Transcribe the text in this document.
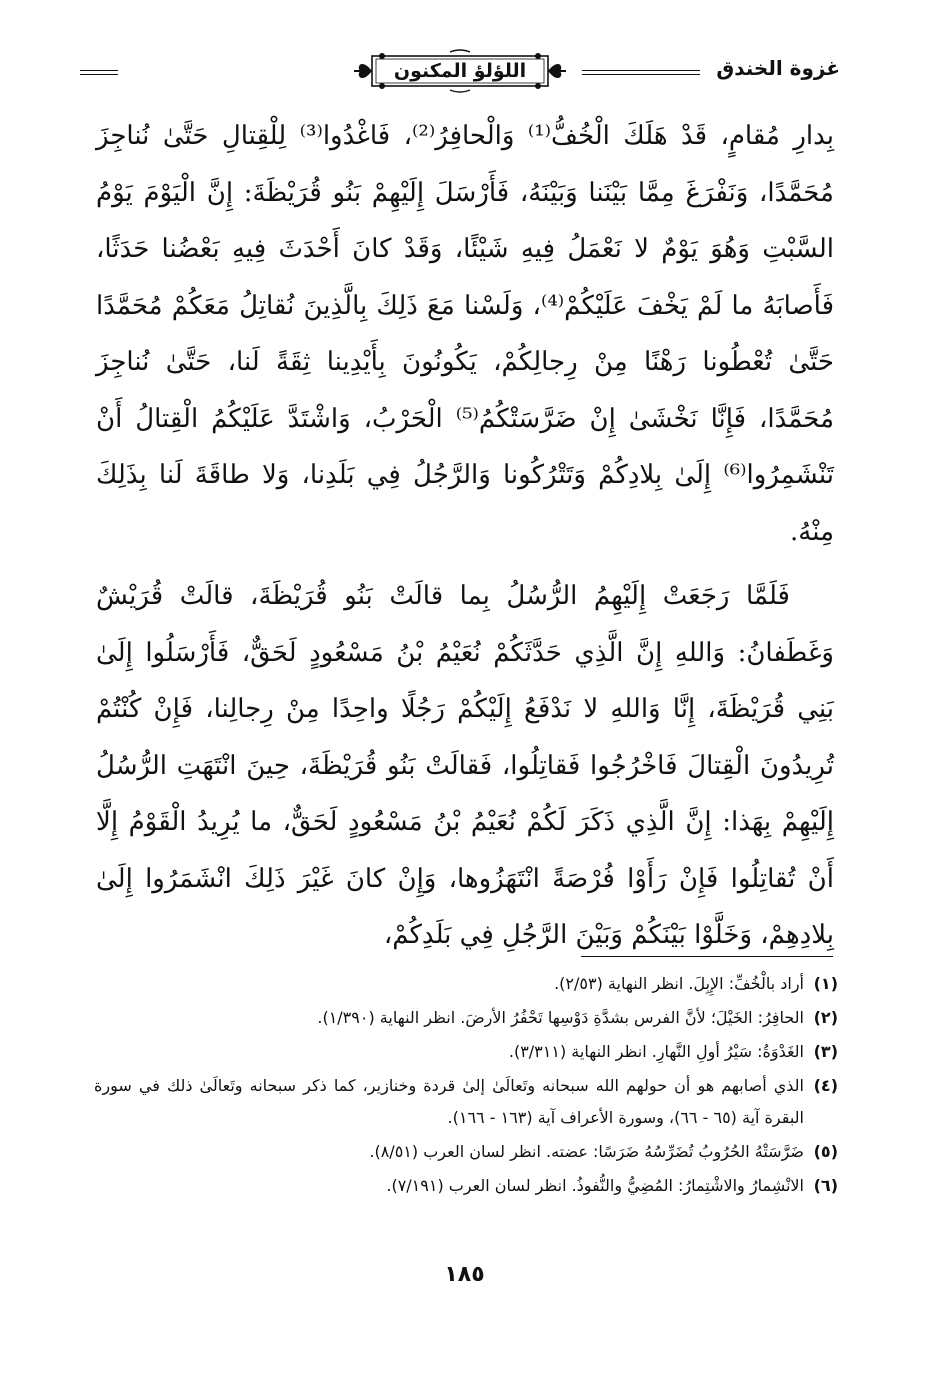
غزوة الخندق
اللؤلؤ المكنون

بِدارِ مُقامٍ، قَدْ هَلَكَ الْخُفُّ⁽¹⁾ وَالْحافِرُ⁽²⁾، فَاغْدُوا⁽³⁾ لِلْقِتالِ حَتَّىٰ نُناجِزَ مُحَمَّدًا، وَنَفْرَغَ مِمَّا بَيْنَنا وَبَيْنَهُ، فَأَرْسَلَ إِلَيْهِمْ بَنُو قُرَيْظَةَ: إِنَّ الْيَوْمَ يَوْمُ السَّبْتِ وَهُوَ يَوْمٌ لا نَعْمَلُ فِيهِ شَيْئًا، وَقَدْ كانَ أَحْدَثَ فِيهِ بَعْضُنا حَدَثًا، فَأَصابَهُ ما لَمْ يَخْفَ عَلَيْكُمْ⁽⁴⁾، وَلَسْنا مَعَ ذَلِكَ بِالَّذِينَ نُقاتِلُ مَعَكُمْ مُحَمَّدًا حَتَّىٰ تُعْطُونا رَهْنًا مِنْ رِجالِكُمْ، يَكُونُونَ بِأَيْدِينا ثِقَةً لَنا، حَتَّىٰ نُناجِزَ مُحَمَّدًا، فَإِنَّا نَخْشَىٰ إِنْ ضَرَّسَتْكُمُ⁽⁵⁾ الْحَرْبُ، وَاشْتَدَّ عَلَيْكُمُ الْقِتالُ أَنْ تَنْشَمِرُوا⁽⁶⁾ إِلَىٰ بِلادِكُمْ وَتَتْرُكُونا وَالرَّجُلُ فِي بَلَدِنا، وَلا طاقَةَ لَنا بِذَلِكَ مِنْهُ.

فَلَمَّا رَجَعَتْ إِلَيْهِمُ الرُّسُلُ بِما قالَتْ بَنُو قُرَيْظَةَ، قالَتْ قُرَيْشٌ وَغَطَفانُ: وَاللهِ إِنَّ الَّذِي حَدَّثَكُمْ نُعَيْمُ بْنُ مَسْعُودٍ لَحَقٌّ، فَأَرْسَلُوا إِلَىٰ بَنِي قُرَيْظَةَ، إِنَّا وَاللهِ لا نَدْفَعُ إِلَيْكُمْ رَجُلًا واحِدًا مِنْ رِجالِنا، فَإِنْ كُنْتُمْ تُرِيدُونَ الْقِتالَ فَاخْرُجُوا فَقاتِلُوا، فَقالَتْ بَنُو قُرَيْظَةَ، حِينَ انْتَهَتِ الرُّسُلُ إِلَيْهِمْ بِهَذا: إِنَّ الَّذِي ذَكَرَ لَكُمْ نُعَيْمُ بْنُ مَسْعُودٍ لَحَقٌّ، ما يُرِيدُ الْقَوْمُ إِلَّا أَنْ تُقاتِلُوا فَإِنْ رَأَوْا فُرْصَةً انْتَهَزُوها، وَإِنْ كانَ غَيْرَ ذَلِكَ انْشَمَرُوا إِلَىٰ بِلادِهِمْ، وَخَلَّوْا بَيْنَكُمْ وَبَيْنَ الرَّجُلِ فِي بَلَدِكُمْ،

(١)
أراد بالْخُفِّ: الإِبِلَ. انظر النهاية (٢/٥٣).
(٢)
الحافِرُ: الخَيْلَ؛ لأنَّ الفرس بشدَّةِ دَوْسِها تَحْفُرُ الأرضَ. انظر النهاية (١/٣٩٠).
(٣)
الغَدْوَةُ: سَيْرُ أولِ النَّهارِ. انظر النهاية (٣/٣١١).
(٤)
الذي أصابهم هو أن حولهم الله سبحانه وتَعالَىٰ إلىٰ قردة وخنازير، كما ذكر سبحانه وتَعالَىٰ ذلك في سورة البقرة آية (٦٥ - ٦٦)، وسورة الأعراف آية (١٦٣ - ١٦٦).
(٥)
ضَرَّسَتْهُ الحُرُوبُ تُضَرِّسُهُ ضَرَسًا: عضته. انظر لسان العرب (٨/٥١).
(٦)
الانْشِمارُ والاشْتِمارُ: المُضِيُّ والنُّفوذُ. انظر لسان العرب (٧/١٩١).
١٨٥
